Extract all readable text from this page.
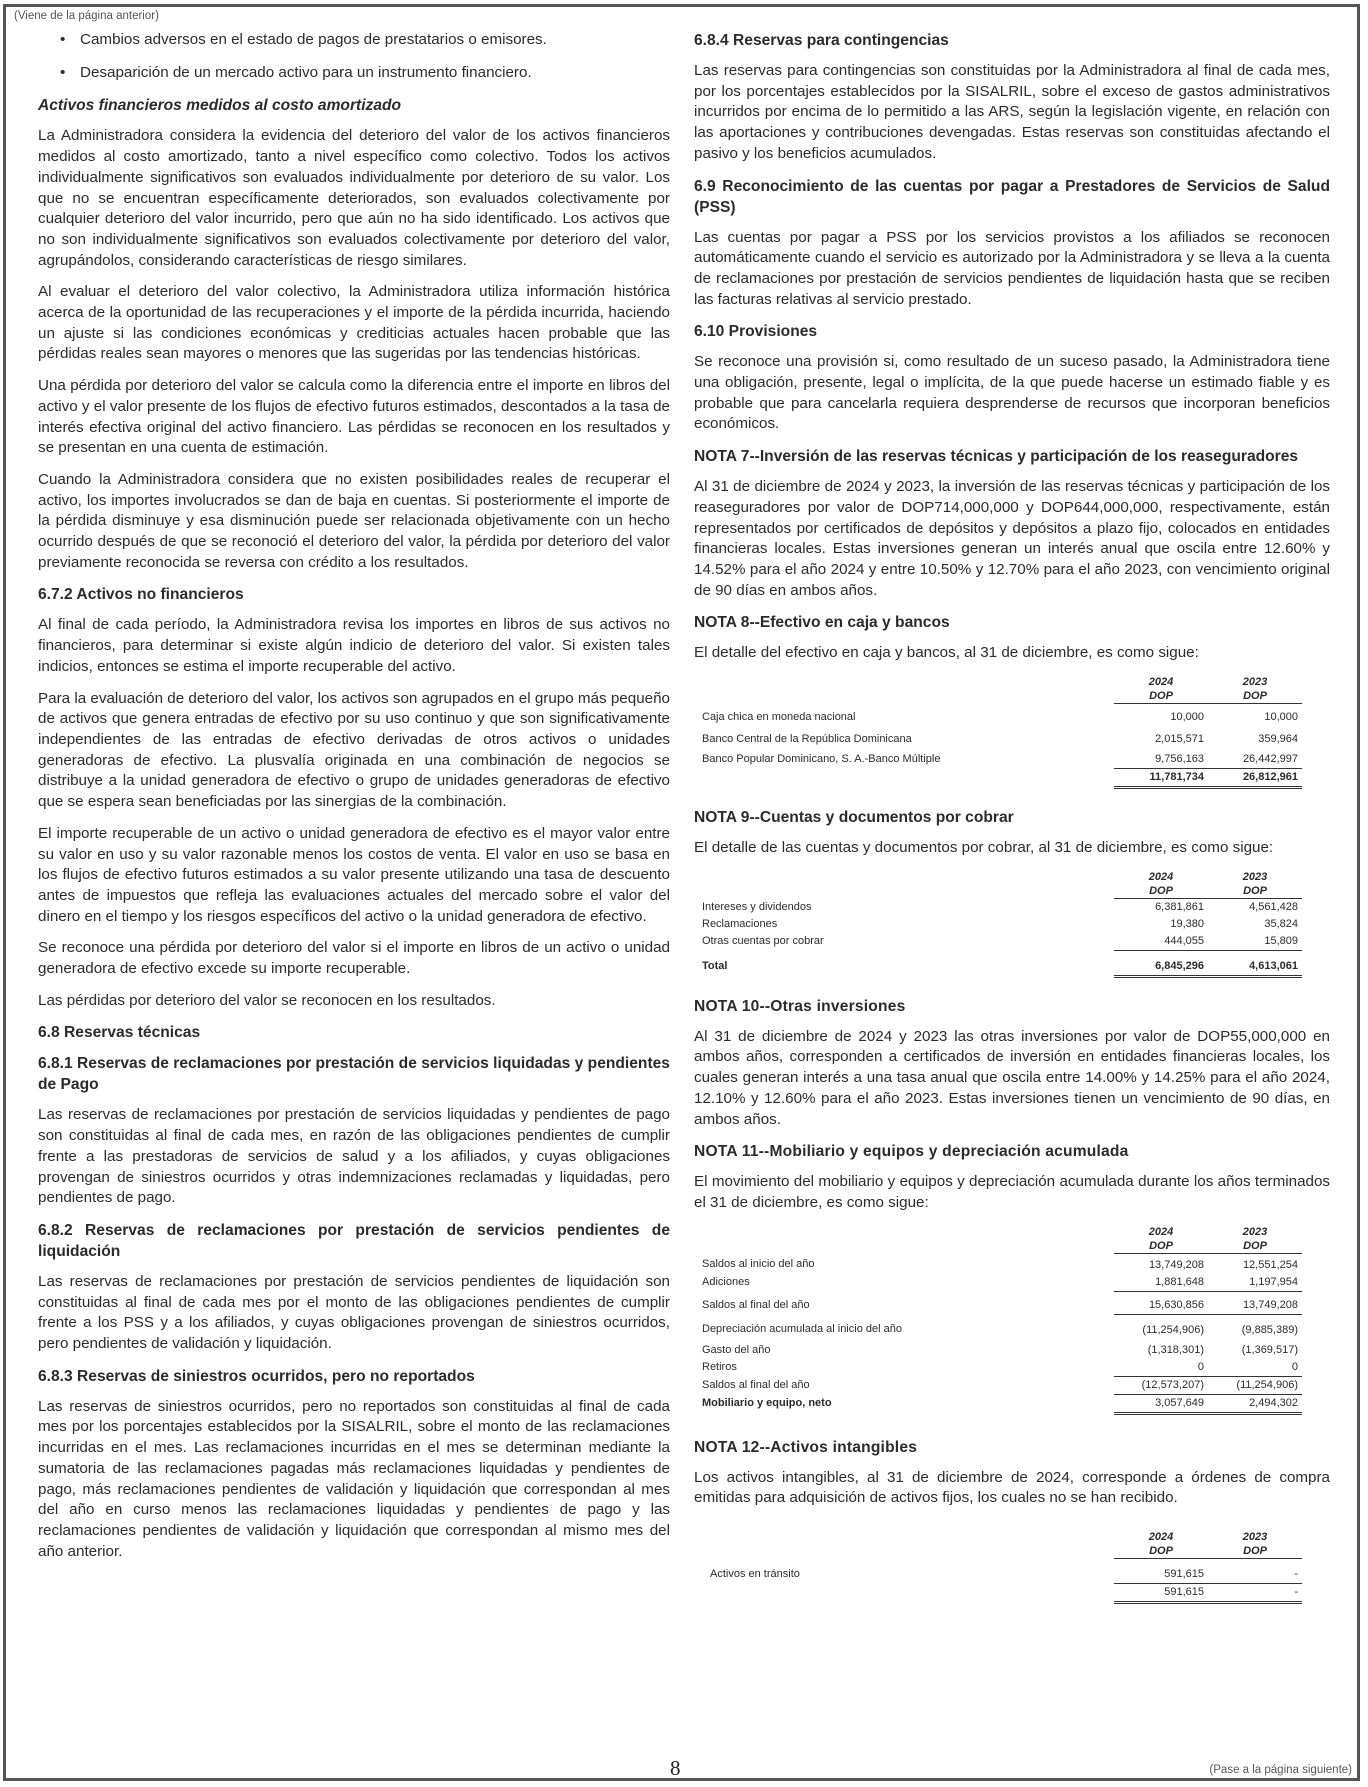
(Viene de la página anterior)
• Cambios adversos en el estado de pagos de prestatarios o emisores.
• Desaparición de un mercado activo para un instrumento financiero.
Activos financieros medidos al costo amortizado

La Administradora considera la evidencia del deterioro del valor de los activos financieros medidos al costo amortizado, tanto a nivel específico como colectivo. Todos los activos individualmente significativos son evaluados individualmente por deterioro de su valor. Los que no se encuentran específicamente deteriorados, son evaluados colectivamente por cualquier deterioro del valor incurrido, pero que aún no ha sido identificado. Los activos que no son individualmente significativos son evaluados colectivamente por deterioro del valor, agrupándolos, considerando características de riesgo similares.

Al evaluar el deterioro del valor colectivo, la Administradora utiliza información histórica acerca de la oportunidad de las recuperaciones y el importe de la pérdida incurrida, haciendo un ajuste si las condiciones económicas y crediticias actuales hacen probable que las pérdidas reales sean mayores o menores que las sugeridas por las tendencias históricas.

Una pérdida por deterioro del valor se calcula como la diferencia entre el importe en libros del activo y el valor presente de los flujos de efectivo futuros estimados, descontados a la tasa de interés efectiva original del activo financiero. Las pérdidas se reconocen en los resultados y se presentan en una cuenta de estimación.

Cuando la Administradora considera que no existen posibilidades reales de recuperar el activo, los importes involucrados se dan de baja en cuentas. Si posteriormente el importe de la pérdida disminuye y esa disminución puede ser relacionada objetivamente con un hecho ocurrido después de que se reconoció el deterioro del valor, la pérdida por deterioro del valor previamente reconocida se reversa con crédito a los resultados.

6.7.2 Activos no financieros

Al final de cada período, la Administradora revisa los importes en libros de sus activos no financieros, para determinar si existe algún indicio de deterioro del valor. Si existen tales indicios, entonces se estima el importe recuperable del activo.

Para la evaluación de deterioro del valor, los activos son agrupados en el grupo más pequeño de activos que genera entradas de efectivo por su uso continuo y que son significativamente independientes de las entradas de efectivo derivadas de otros activos o unidades generadoras de efectivo. La plusvalía originada en una combinación de negocios se distribuye a la unidad generadora de efectivo o grupo de unidades generadoras de efectivo que se espera sean beneficiadas por las sinergias de la combinación.

El importe recuperable de un activo o unidad generadora de efectivo es el mayor valor entre su valor en uso y su valor razonable menos los costos de venta. El valor en uso se basa en los flujos de efectivo futuros estimados a su valor presente utilizando una tasa de descuento antes de impuestos que refleja las evaluaciones actuales del mercado sobre el valor del dinero en el tiempo y los riesgos específicos del activo o la unidad generadora de efectivo.

Se reconoce una pérdida por deterioro del valor si el importe en libros de un activo o unidad generadora de efectivo excede su importe recuperable.

Las pérdidas por deterioro del valor se reconocen en los resultados.

6.8 Reservas técnicas
6.8.1 Reservas de reclamaciones por prestación de servicios liquidadas y pendientes de Pago

Las reservas de reclamaciones por prestación de servicios liquidadas y pendientes de pago son constituidas al final de cada mes, en razón de las obligaciones pendientes de cumplir frente a las prestadoras de servicios de salud y a los afiliados, y cuyas obligaciones provengan de siniestros ocurridos y otras indemnizaciones reclamadas y liquidadas, pero pendientes de pago.

6.8.2 Reservas de reclamaciones por prestación de servicios pendientes de liquidación

Las reservas de reclamaciones por prestación de servicios pendientes de liquidación son constituidas al final de cada mes por el monto de las obligaciones pendientes de cumplir frente a los PSS y a los afiliados, y cuyas obligaciones provengan de siniestros ocurridos, pero pendientes de validación y liquidación.

6.8.3 Reservas de siniestros ocurridos, pero no reportados

Las reservas de siniestros ocurridos, pero no reportados son constituidas al final de cada mes por los porcentajes establecidos por la SISALRIL, sobre el monto de las reclamaciones incurridas en el mes. Las reclamaciones incurridas en el mes se determinan mediante la sumatoria de las reclamaciones pagadas más reclamaciones liquidadas y pendientes de pago, más reclamaciones pendientes de validación y liquidación que correspondan al mes del año en curso menos las reclamaciones liquidadas y pendientes de pago y las reclamaciones pendientes de validación y liquidación que correspondan al mismo mes del año anterior.

6.8.4 Reservas para contingencias

Las reservas para contingencias son constituidas por la Administradora al final de cada mes, por los porcentajes establecidos por la SISALRIL, sobre el exceso de gastos administrativos incurridos por encima de lo permitido a las ARS, según la legislación vigente, en relación con las aportaciones y contribuciones devengadas. Estas reservas son constituidas afectando el pasivo y los beneficios acumulados.

6.9 Reconocimiento de las cuentas por pagar a Prestadores de Servicios de Salud (PSS)

Las cuentas por pagar a PSS por los servicios provistos a los afiliados se reconocen automáticamente cuando el servicio es autorizado por la Administradora y se lleva a la cuenta de reclamaciones por prestación de servicios pendientes de liquidación hasta que se reciben las facturas relativas al servicio prestado.

6.10 Provisiones

Se reconoce una provisión si, como resultado de un suceso pasado, la Administradora tiene una obligación, presente, legal o implícita, de la que puede hacerse un estimado fiable y es probable que para cancelarla requiera desprenderse de recursos que incorporan beneficios económicos.

NOTA 7--Inversión de las reservas técnicas y participación de los reaseguradores

Al 31 de diciembre de 2024 y 2023, la inversión de las reservas técnicas y participación de los reaseguradores por valor de DOP714,000,000 y DOP644,000,000, respectivamente, están representados por certificados de depósitos y depósitos a plazo fijo, colocados en entidades financieras locales. Estas inversiones generan un interés anual que oscila entre 12.60% y 14.52% para el año 2024 y entre 10.50% y 12.70% para el año 2023, con vencimiento original de 90 días en ambos años.

NOTA 8--Efectivo en caja y bancos

El detalle del efectivo en caja y bancos, al 31 de diciembre, es como sigue:

	2024	2023
	DOP	DOP
Caja chica en moneda nacional	10,000	10,000
Banco Central de la República Dominicana	2,015,571	359,964
Banco Popular Dominicano, S. A.-Banco Múltiple	9,756,163	26,442,997
	11,781,734	26,812,961
NOTA 9--Cuentas y documentos por cobrar

El detalle de las cuentas y documentos por cobrar, al 31 de diciembre, es como sigue:

	2024	2023
	DOP	DOP
Intereses y dividendos	6,381,861	4,561,428
Reclamaciones	19,380	35,824
Otras cuentas por cobrar	444,055	15,809
Total	6,845,296	4,613,061
NOTA 10--Otras inversiones

Al 31 de diciembre de 2024 y 2023 las otras inversiones por valor de DOP55,000,000 en ambos años, corresponden a certificados de inversión en entidades financieras locales, los cuales generan interés a una tasa anual que oscila entre 14.00% y 14.25% para el año 2024, 12.10% y 12.60% para el año 2023. Estas inversiones tienen un vencimiento de 90 días, en ambos años.

NOTA 11--Mobiliario y equipos y depreciación acumulada

El movimiento del mobiliario y equipos y depreciación acumulada durante los años terminados el 31 de diciembre, es como sigue:

	2024	2023
	DOP	DOP
Saldos al inicio del año	13,749,208	12,551,254
Adiciones	1,881,648	1,197,954
Saldos al final del año	15,630,856	13,749,208
Depreciación acumulada al inicio del año	(11,254,906)	(9,885,389)
Gasto del año	(1,318,301)	(1,369,517)
Retiros	0	0
Saldos al final del año	(12,573,207)	(11,254,906)
Mobiliario y equipo, neto	3,057,649	2,494,302
NOTA 12--Activos intangibles

Los activos intangibles, al 31 de diciembre de 2024, corresponde a órdenes de compra emitidas para adquisición de activos fijos, los cuales no se han recibido.

	2024	2023
	DOP	DOP
Activos en tránsito	591,615	-
	591,615	-
8	(Pase a la página siguiente)
